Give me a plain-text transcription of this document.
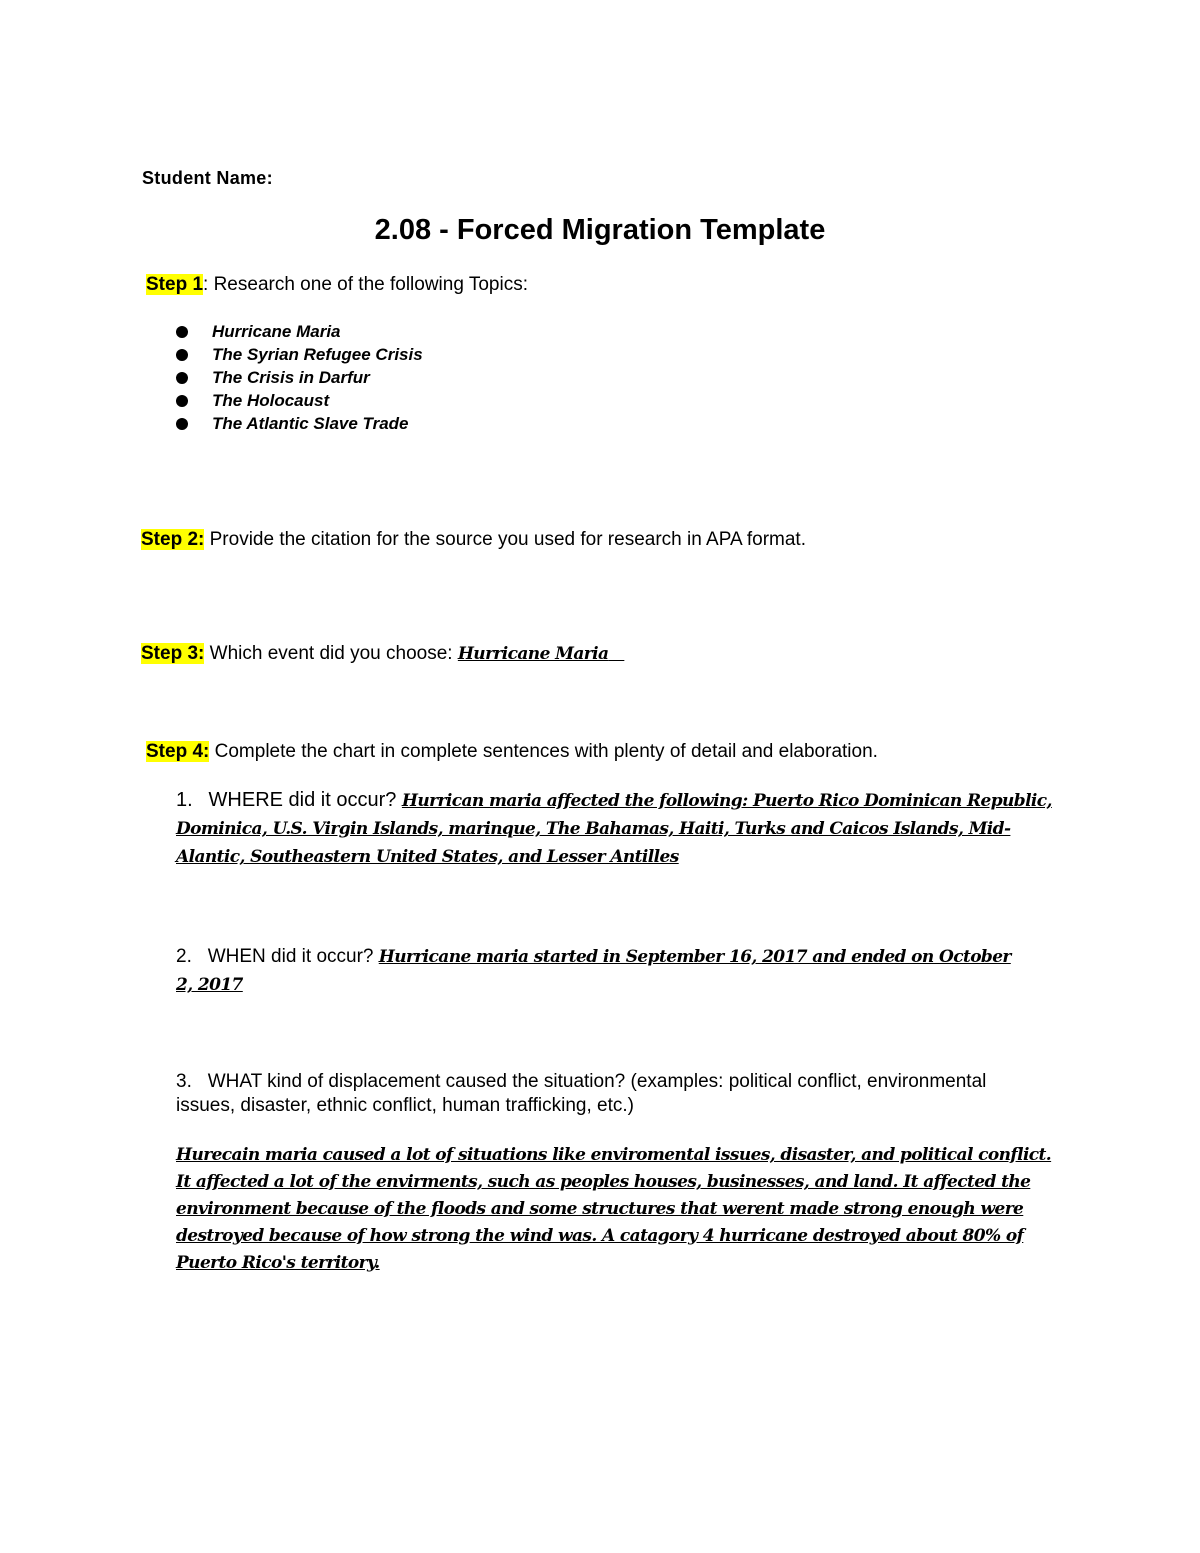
Student Name:
2.08 - Forced Migration Template
Step 1: Research one of the following Topics:
Hurricane Maria
The Syrian Refugee Crisis
The Crisis in Darfur
The Holocaust
The Atlantic Slave Trade
Step 2: Provide the citation for the source you used for research in APA format.
Step 3: Which event did you choose: Hurricane Maria
Step 4: Complete the chart in complete sentences with plenty of detail and elaboration.
1. WHERE did it occur? Hurrican maria affected the following: Puerto Rico Dominican Republic, Dominica, U.S. Virgin Islands, marinque, The Bahamas, Haiti, Turks and Caicos Islands, Mid-Alantic, Southeastern United States, and Lesser Antilles
2. WHEN did it occur? Hurricane maria started in September 16, 2017 and ended on October 2, 2017
3. WHAT kind of displacement caused the situation? (examples: political conflict, environmental issues, disaster, ethnic conflict, human trafficking, etc.)
Hurecain maria caused a lot of situations like enviromental issues, disaster, and political conflict. It affected a lot of the envirments, such as peoples houses, businesses, and land. It affected the environment because of the floods and some structures that werent made strong enough were destroyed because of how strong the wind was. A catagory 4 hurricane destroyed about 80% of Puerto Rico's territory.
